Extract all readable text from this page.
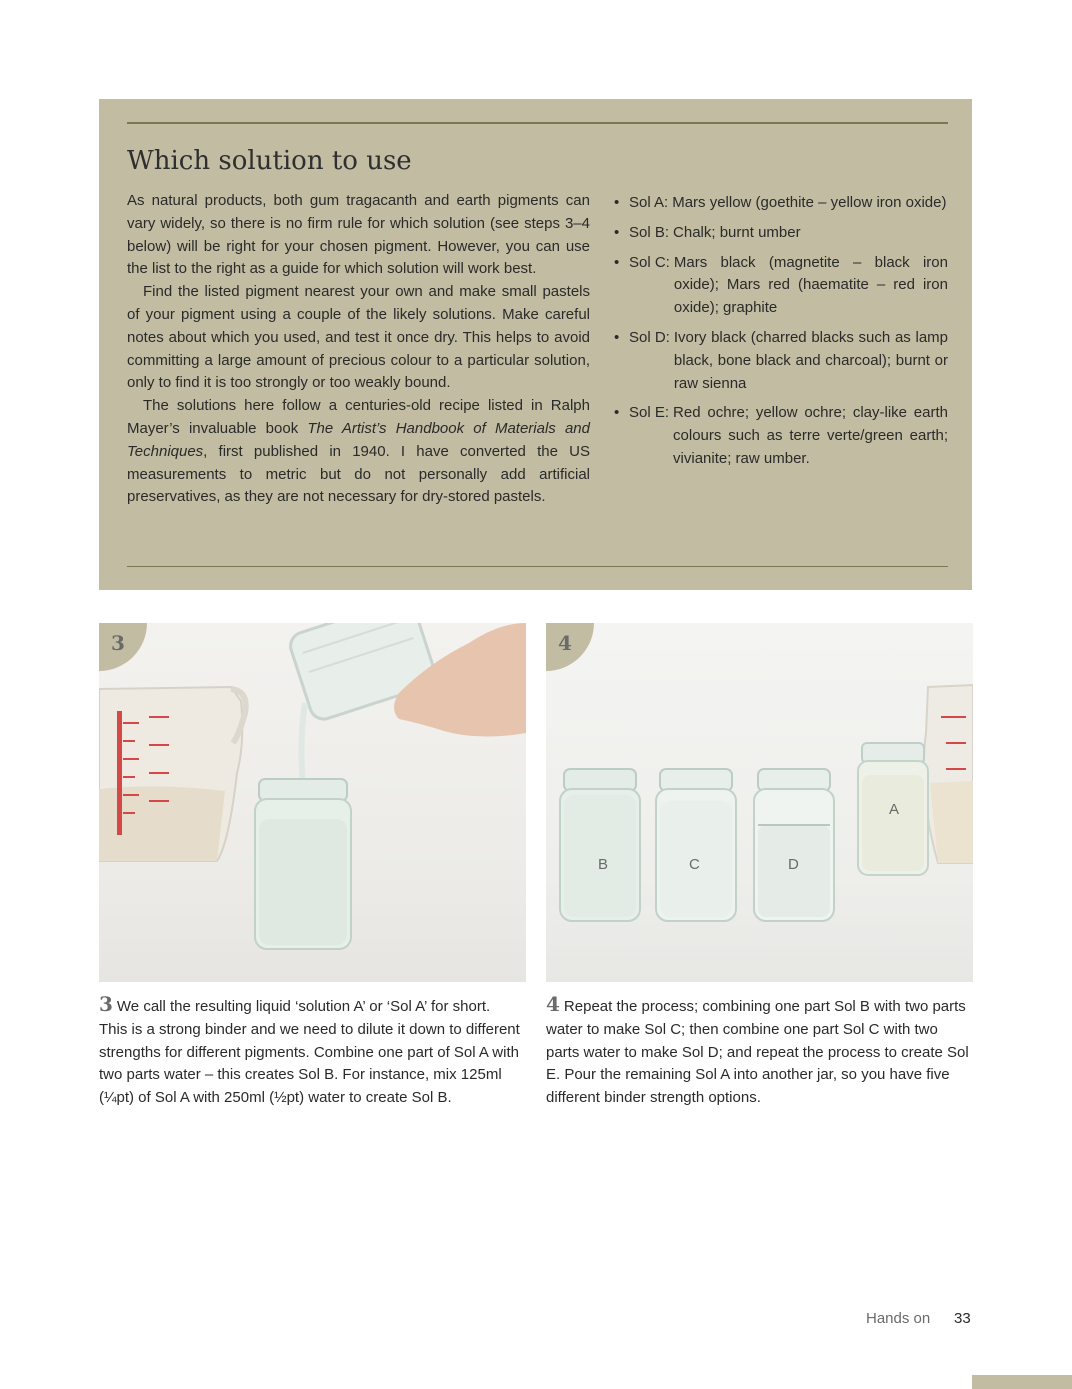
Which solution to use

As natural products, both gum tragacanth and earth pigments can vary widely, so there is no firm rule for which solution (see steps 3–4 below) will be right for your chosen pigment. However, you can use the list to the right as a guide for which solution will work best.

Find the listed pigment nearest your own and make small pastels of your pigment using a couple of the likely solutions. Make careful notes about which you used, and test it once dry. This helps to avoid committing a large amount of precious colour to a particular solution, only to find it is too strongly or too weakly bound.

The solutions here follow a centuries-old recipe listed in Ralph Mayer’s invaluable book The Artist’s Handbook of Materials and Techniques, first published in 1940. I have converted the US measurements to metric but do not personally add artificial preservatives, as they are not necessary for dry-stored pastels.

• Sol A: Mars yellow (goethite – yellow iron oxide)
• Sol B: Chalk; burnt umber
• Sol C: Mars black (magnetite – black iron oxide); Mars red (haematite – red iron oxide); graphite
• Sol D: Ivory black (charred blacks such as lamp black, bone black and charcoal); burnt or raw sienna
• Sol E: Red ochre; yellow ochre; clay-like earth colours such as terre verte/green earth; vivianite; raw umber.
3
B	C	D
A
4
3 We call the resulting liquid ‘solution A’ or ‘Sol A’ for short. This is a strong binder and we need to dilute it down to different strengths for different pigments. Combine one part of Sol A with two parts water – this creates Sol B. For instance, mix 125ml (¼pt) of Sol A with 250ml (½pt) water to create Sol B.
4 Repeat the process; combining one part Sol B with two parts water to make Sol C; then combine one part Sol C with two parts water to make Sol D; and repeat the process to create Sol E. Pour the remaining Sol A into another jar, so you have five different binder strength options.
Hands on 33
